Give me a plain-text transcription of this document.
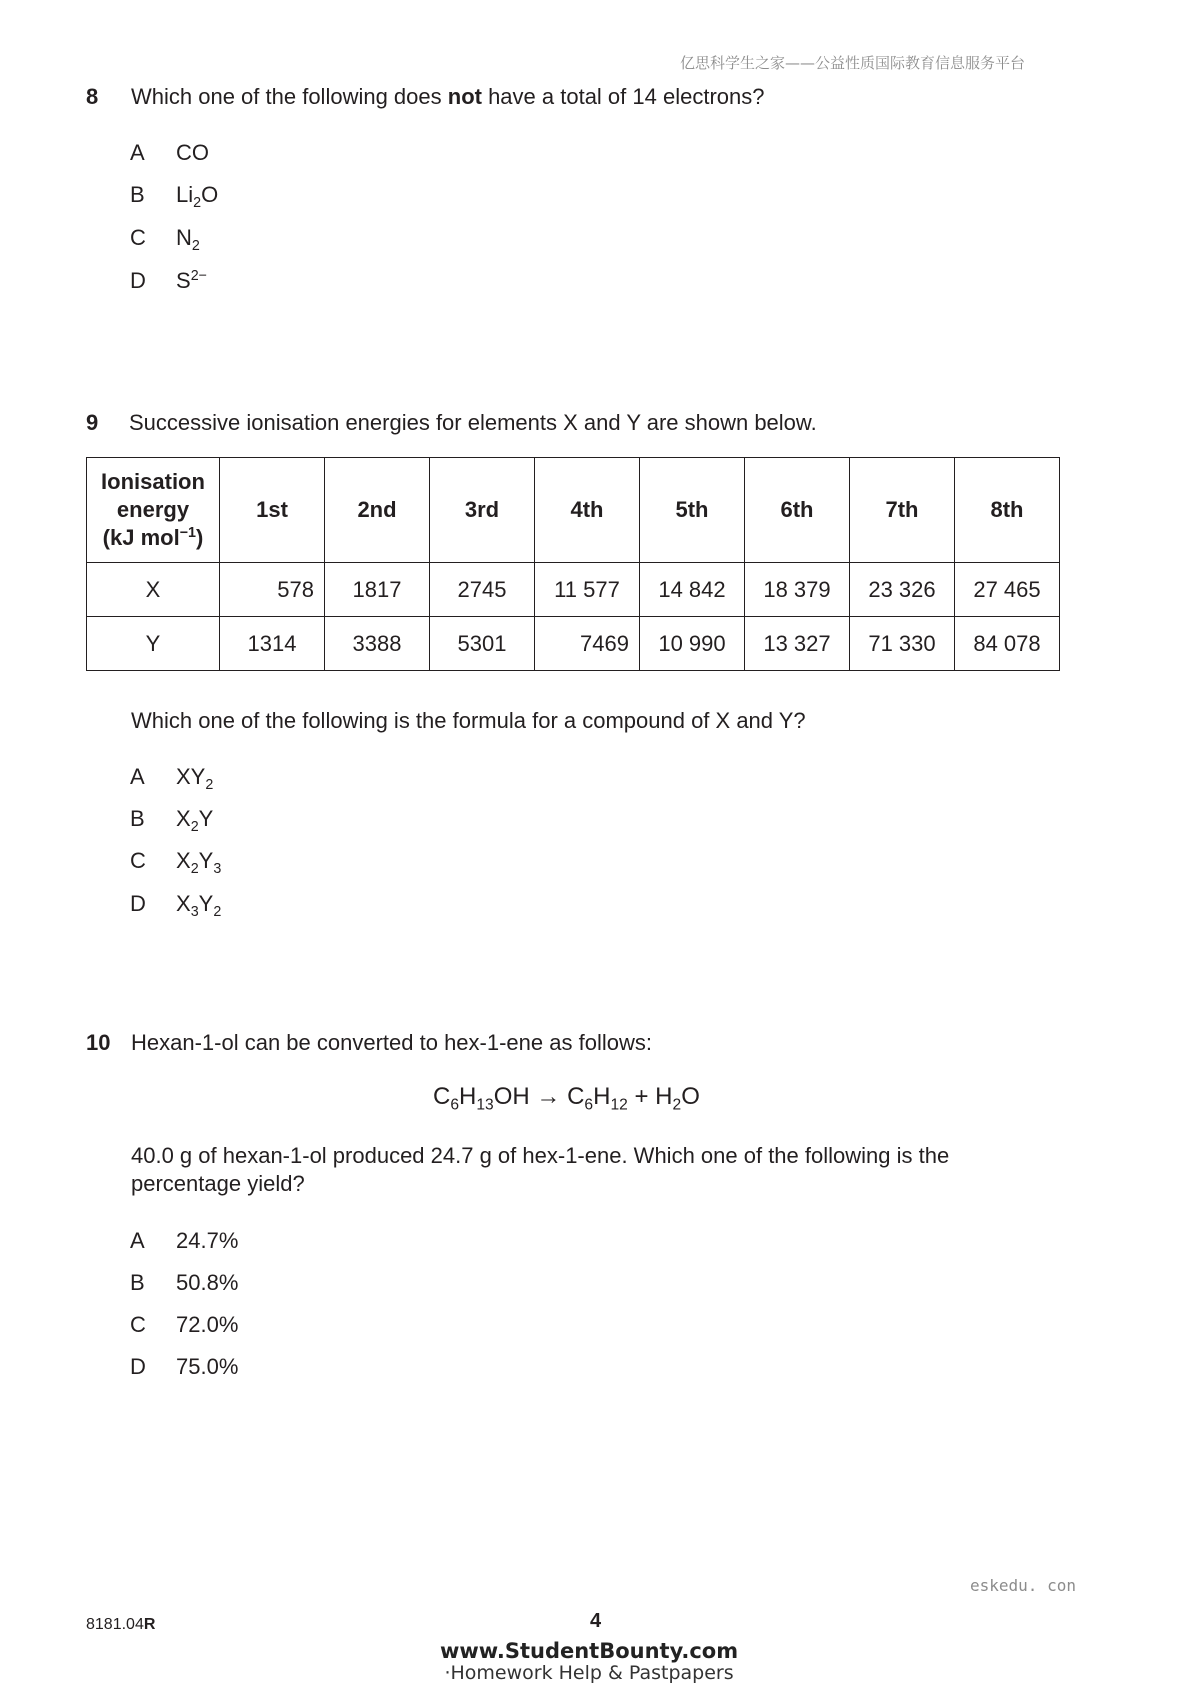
亿思科学生之家——公益性质国际教育信息服务平台
8 Which one of the following does not have a total of 14 electrons?
A	CO
B	$Li_2O$
C	$N_2$
D	$S^{2-}$
9 Successive ionisation energies for elements X and Y are shown below.
Ionisation
energy
(kJ mol$^{-1}$)	1st	2nd	3rd	4th	5th	6th	7th	8th
X	578	1817	2745	11 577	14 842	18 379	23 326	27 465
Y	1314	3388	5301	7469	10 990	13 327	71 330	84 078
Which one of the following is the formula for a compound of X and Y?
A	$XY_2$
B	$X_2Y$
C	$X_2Y_3$
D	$X_3Y_2$
10 Hexan-1-ol can be converted to hex-1-ene as follows:
$C_6H_{13}OH \to C_6H_{12} + H_2O$
40.0 g of hexan-1-ol produced 24.7 g of hex-1-ene. Which one of the following is the
percentage yield?
A	24.7%
B	50.8%
C	72.0%
D	75.0%
eskedu. con
8181.04R	4
www.StudentBounty.com
·Homework Help & Pastpapers
